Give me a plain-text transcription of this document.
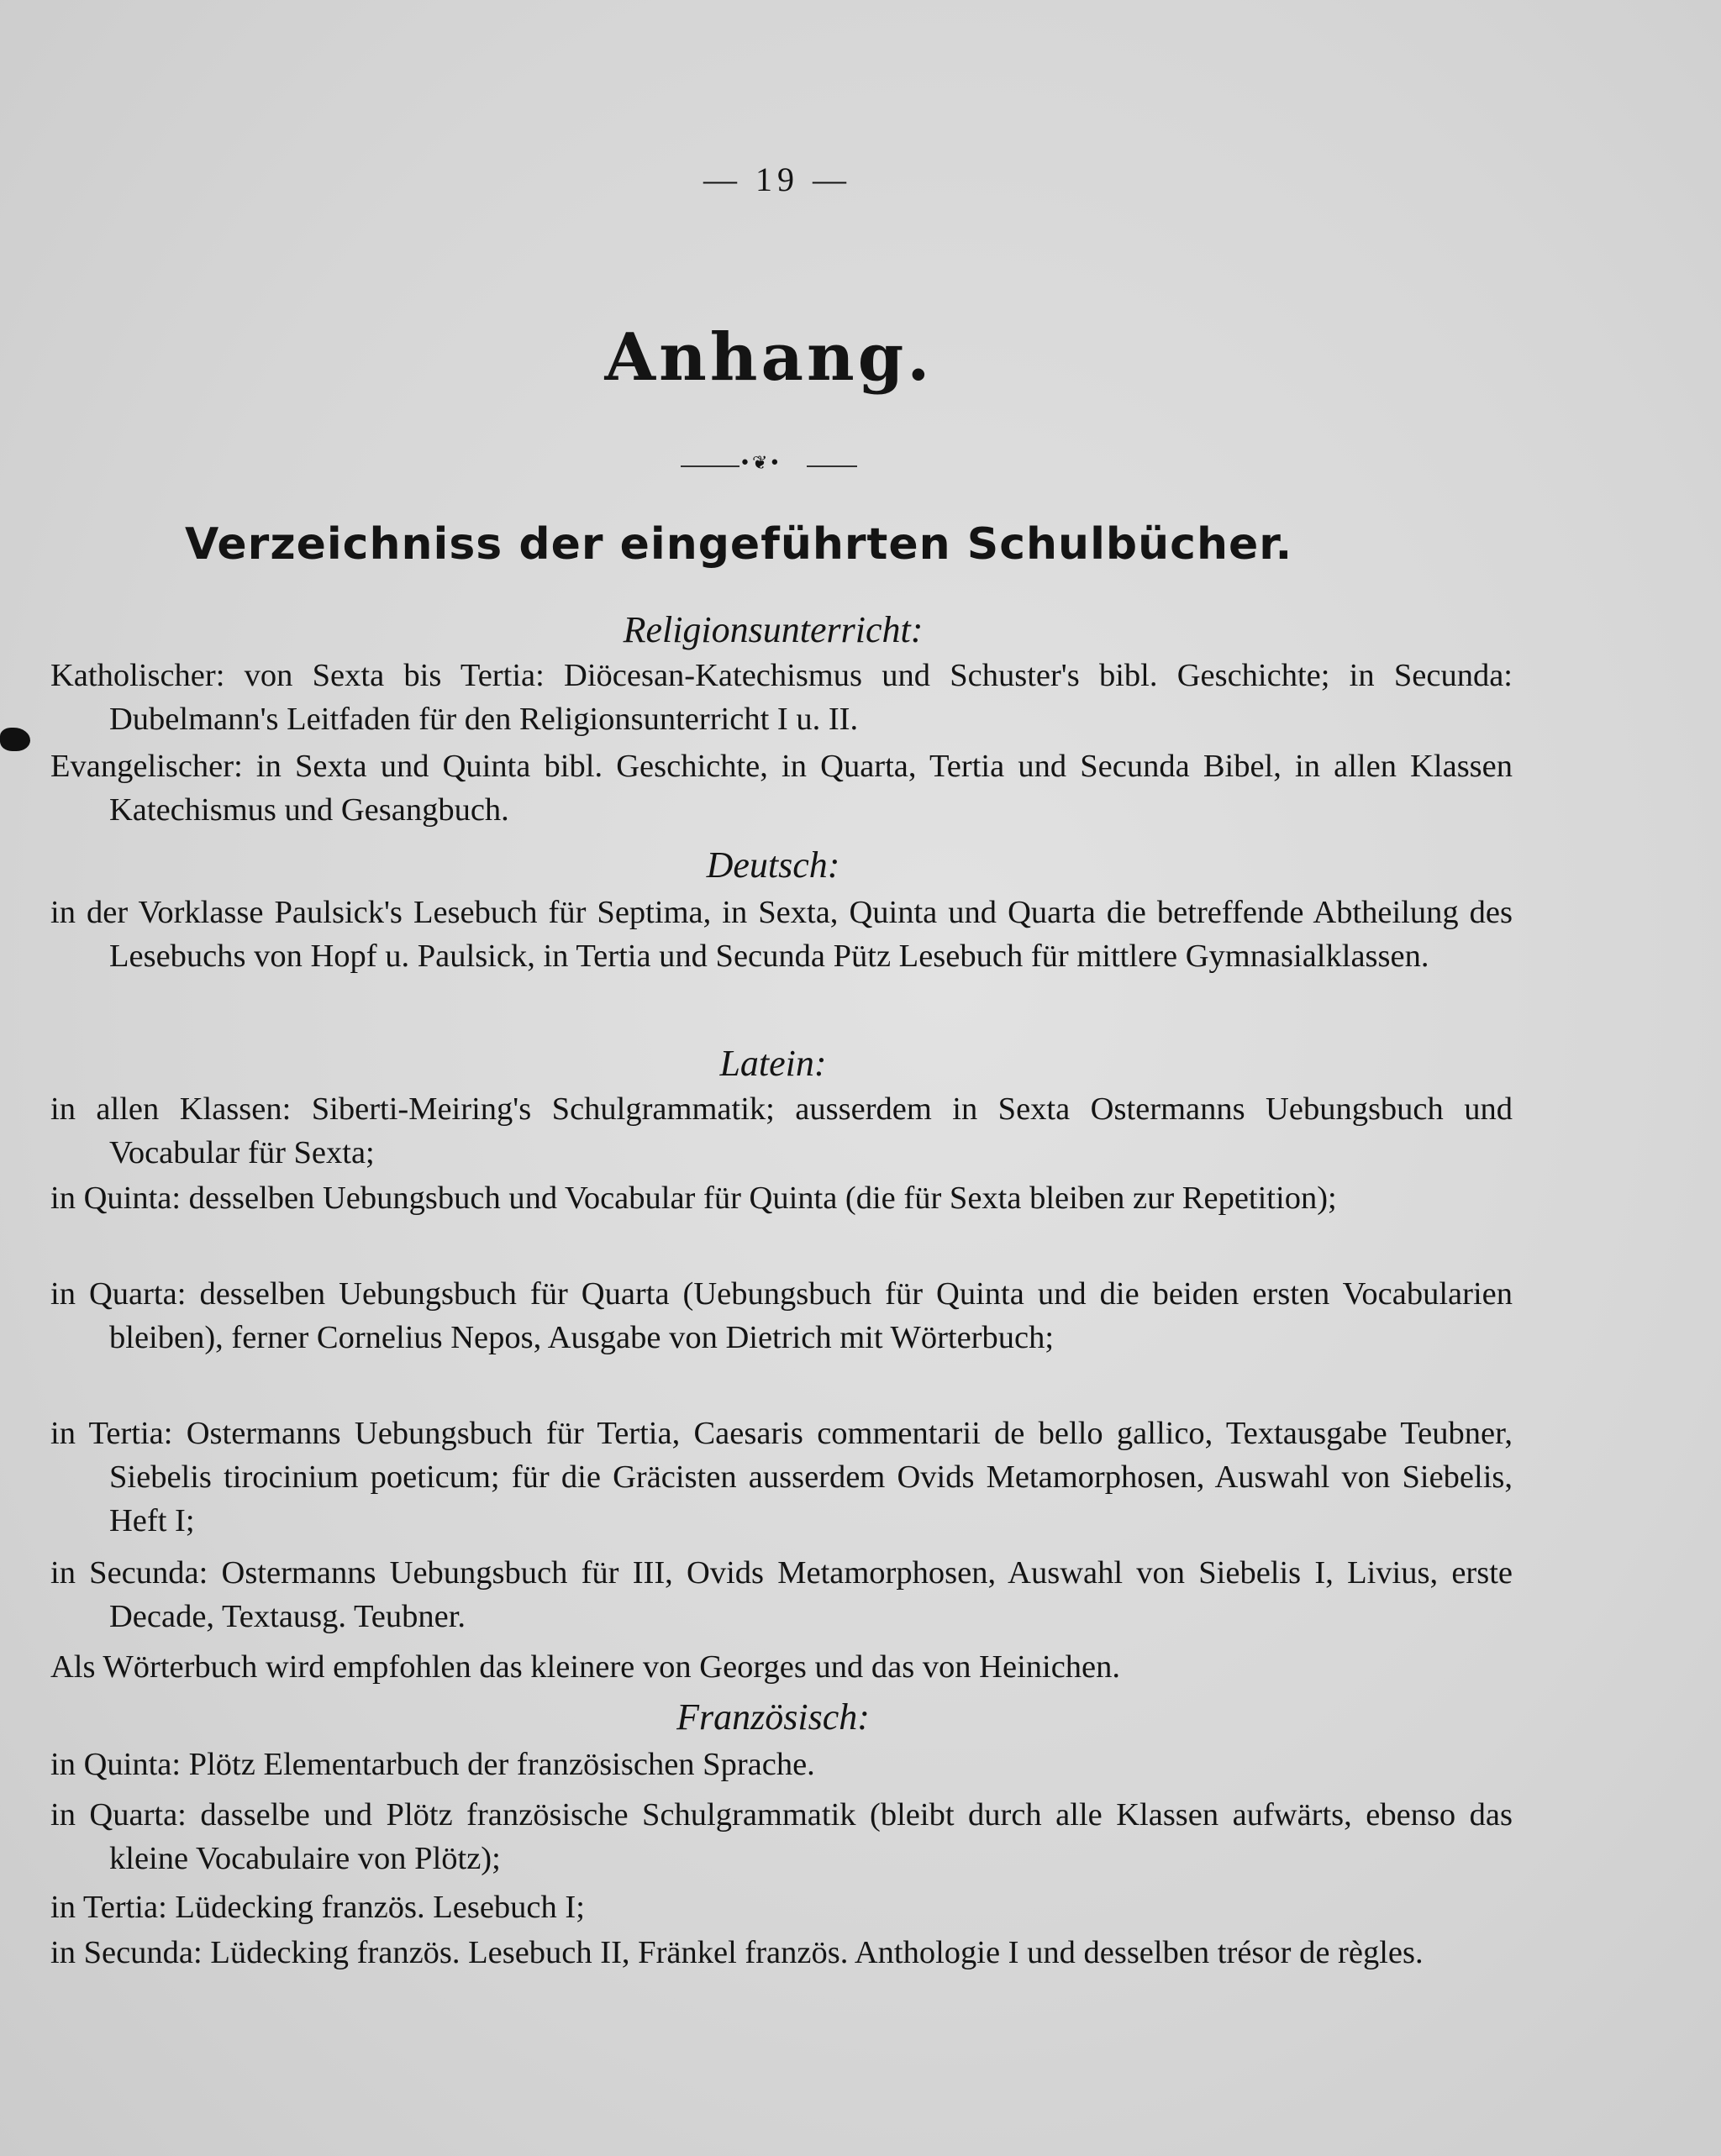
— 19 —
Anhang.
•❦•
Verzeichniss der eingeführten Schulbücher.
Religionsunterricht:
Katholischer: von Sexta bis Tertia: Diöcesan-Katechismus und Schuster's bibl. Geschichte; in Secunda: Dubelmann's Leitfaden für den Religionsunterricht I u. II.
Evangelischer: in Sexta und Quinta bibl. Geschichte, in Quarta, Tertia und Secunda Bibel, in allen Klassen Katechismus und Gesangbuch.
Deutsch:
in der Vorklasse Paulsick's Lesebuch für Septima, in Sexta, Quinta und Quarta die betreffende Abtheilung des Lesebuchs von Hopf u. Paulsick, in Tertia und Secunda Pütz Lesebuch für mittlere Gymnasialklassen.
Latein:
in allen Klassen: Siberti-Meiring's Schulgrammatik; ausserdem in Sexta Ostermanns Uebungsbuch und Vocabular für Sexta;
in Quinta: desselben Uebungsbuch und Vocabular für Quinta (die für Sexta bleiben zur Repetition);
in Quarta: desselben Uebungsbuch für Quarta (Uebungsbuch für Quinta und die beiden ersten Vocabularien bleiben), ferner Cornelius Nepos, Ausgabe von Dietrich mit Wörterbuch;
in Tertia: Ostermanns Uebungsbuch für Tertia, Caesaris commentarii de bello gallico, Textausgabe Teubner, Siebelis tirocinium poeticum; für die Gräcisten ausserdem Ovids Metamorphosen, Auswahl von Siebelis, Heft I;
in Secunda: Ostermanns Uebungsbuch für III, Ovids Metamorphosen, Auswahl von Siebelis I, Livius, erste Decade, Textausg. Teubner.
Als Wörterbuch wird empfohlen das kleinere von Georges und das von Heinichen.
Französisch:
in Quinta: Plötz Elementarbuch der französischen Sprache.
in Quarta: dasselbe und Plötz französische Schulgrammatik (bleibt durch alle Klassen aufwärts, ebenso das kleine Vocabulaire von Plötz);
in Tertia: Lüdecking französ. Lesebuch I;
in Secunda: Lüdecking französ. Lesebuch II, Fränkel französ. Anthologie I und desselben trésor de règles.
